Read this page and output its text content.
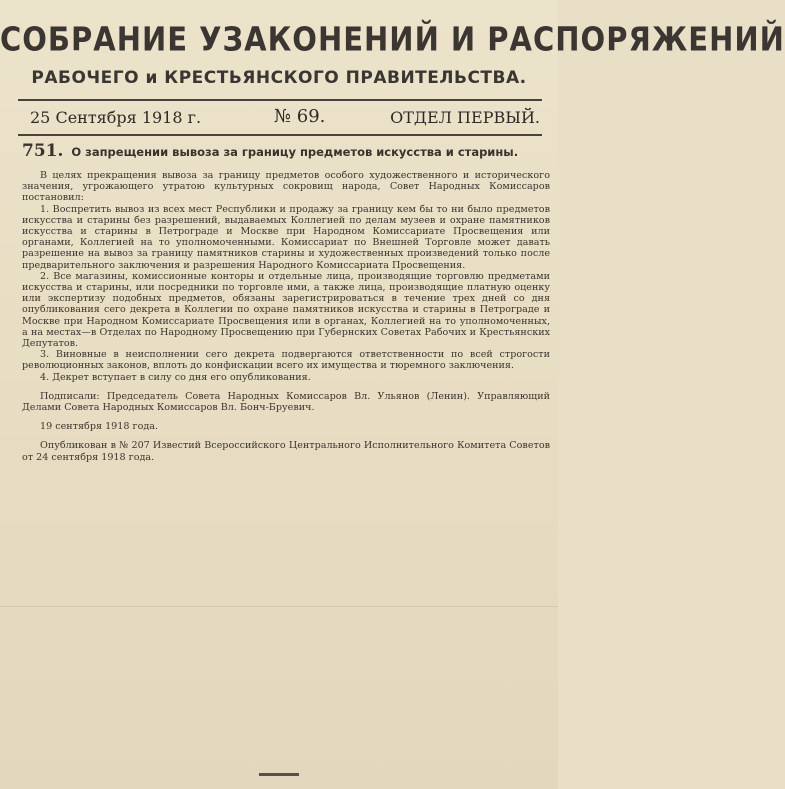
СОБРАНИЕ УЗАКОНЕНИЙ И РАСПОРЯЖЕНИЙ
РАБОЧЕГО и КРЕСТЬЯНСКОГО ПРАВИТЕЛЬСТВА.
25 Сентября 1918 г.	№ 69.	ОТДЕЛ ПЕРВЫЙ.
751. О запрещении вывоза за границу предметов искусства и старины.

В целях прекращения вывоза за границу предметов особого художественного и исторического значения, угрожающего утратою культурных сокровищ народа, Совет Народных Комиссаров постановил:

1. Воспретить вывоз из всех мест Республики и продажу за границу кем бы то ни было предметов искусства и старины без разрешений, выдаваемых Коллегией по делам музеев и охране памятников искусства и старины в Петрограде и Москве при Народном Комиссариате Просвещения или органами, Коллегией на то уполномоченными. Комиссариат по Внешней Торговле может давать разрешение на вывоз за границу памятников старины и художественных произведений только после предварительного заключения и разрешения Народного Комиссариата Просвещения.

2. Все магазины, комиссионные конторы и отдельные лица, производящие торговлю предметами искусства и старины, или посредники по торговле ими, а также лица, производящие платную оценку или экспертизу подобных предметов, обязаны зарегистрироваться в течение трех дней со дня опубликования сего декрета в Коллегии по охране памятников искусства и старины в Петрограде и Москве при Народном Комиссариате Просвещения или в органах, Коллегией на то уполномоченных, а на местах—в Отделах по Народному Просвещению при Губернских Советах Рабочих и Крестьянских Депутатов.

3. Виновные в неисполнении сего декрета подвергаются ответственности по всей строгости революционных законов, вплоть до конфискации всего их имущества и тюремного заключения.

4. Декрет вступает в силу со дня его опубликования.

Подписали: Председатель Совета Народных Комиссаров Вл. Ульянов (Ленин). Управляющий Делами Совета Народных Комиссаров Вл. Бонч-Бруевич.

19 сентября 1918 года.

Опубликован в № 207 Известий Всероссийского Центрального Исполнительного Комитета Советов от 24 сентября 1918 года.
